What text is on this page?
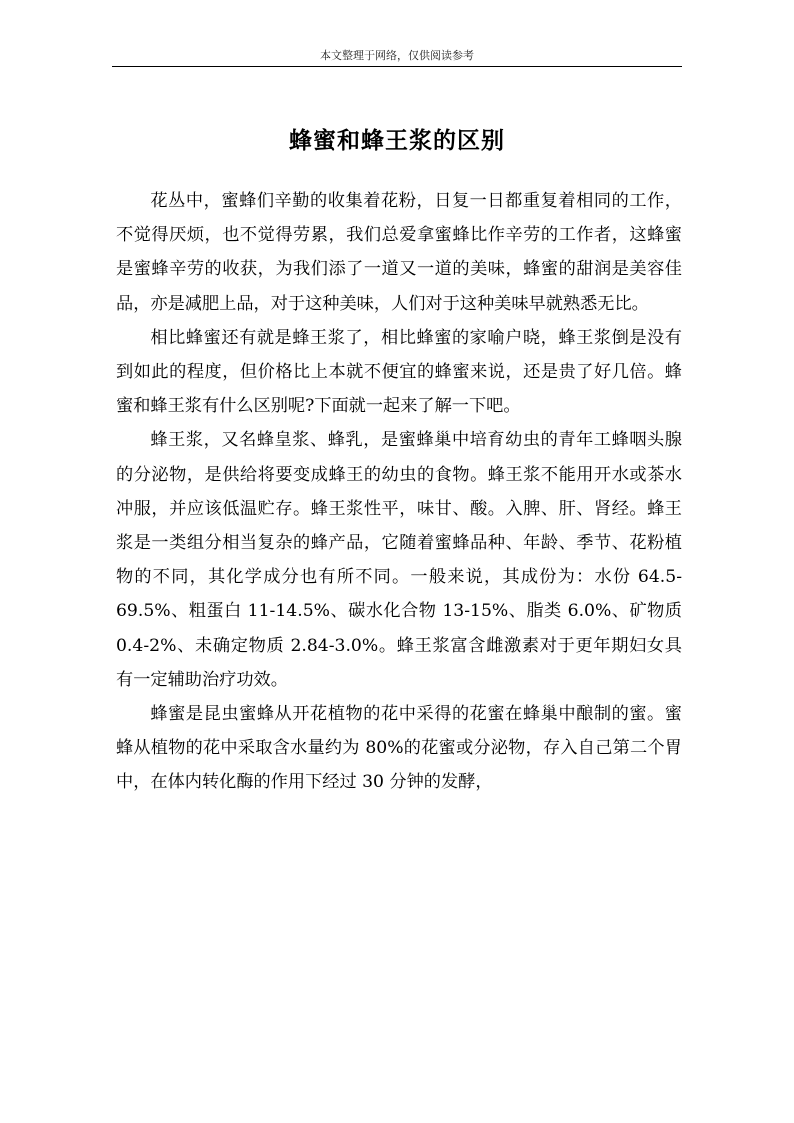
本文整理于网络，仅供阅读参考
蜂蜜和蜂王浆的区别

花丛中，蜜蜂们辛勤的收集着花粉，日复一日都重复着相同的工作，不觉得厌烦，也不觉得劳累，我们总爱拿蜜蜂比作辛劳的工作者，这蜂蜜是蜜蜂辛劳的收获，为我们添了一道又一道的美味，蜂蜜的甜润是美容佳品，亦是减肥上品，对于这种美味，人们对于这种美味早就熟悉无比。

相比蜂蜜还有就是蜂王浆了，相比蜂蜜的家喻户晓，蜂王浆倒是没有到如此的程度，但价格比上本就不便宜的蜂蜜来说，还是贵了好几倍。蜂蜜和蜂王浆有什么区别呢?下面就一起来了解一下吧。

蜂王浆，又名蜂皇浆、蜂乳，是蜜蜂巢中培育幼虫的青年工蜂咽头腺的分泌物，是供给将要变成蜂王的幼虫的食物。蜂王浆不能用开水或茶水冲服，并应该低温贮存。蜂王浆性平，味甘、酸。入脾、肝、肾经。蜂王浆是一类组分相当复杂的蜂产品，它随着蜜蜂品种、年龄、季节、花粉植物的不同，其化学成分也有所不同。一般来说，其成份为：水份 64.5-69.5%、粗蛋白 11-14.5%、碳水化合物 13-15%、脂类 6.0%、矿物质 0.4-2%、未确定物质 2.84-3.0%。蜂王浆富含雌激素对于更年期妇女具有一定辅助治疗功效。

蜂蜜是昆虫蜜蜂从开花植物的花中采得的花蜜在蜂巢中酿制的蜜。蜜蜂从植物的花中采取含水量约为 80%的花蜜或分泌物，存入自己第二个胃中，在体内转化酶的作用下经过 30 分钟的发酵，
